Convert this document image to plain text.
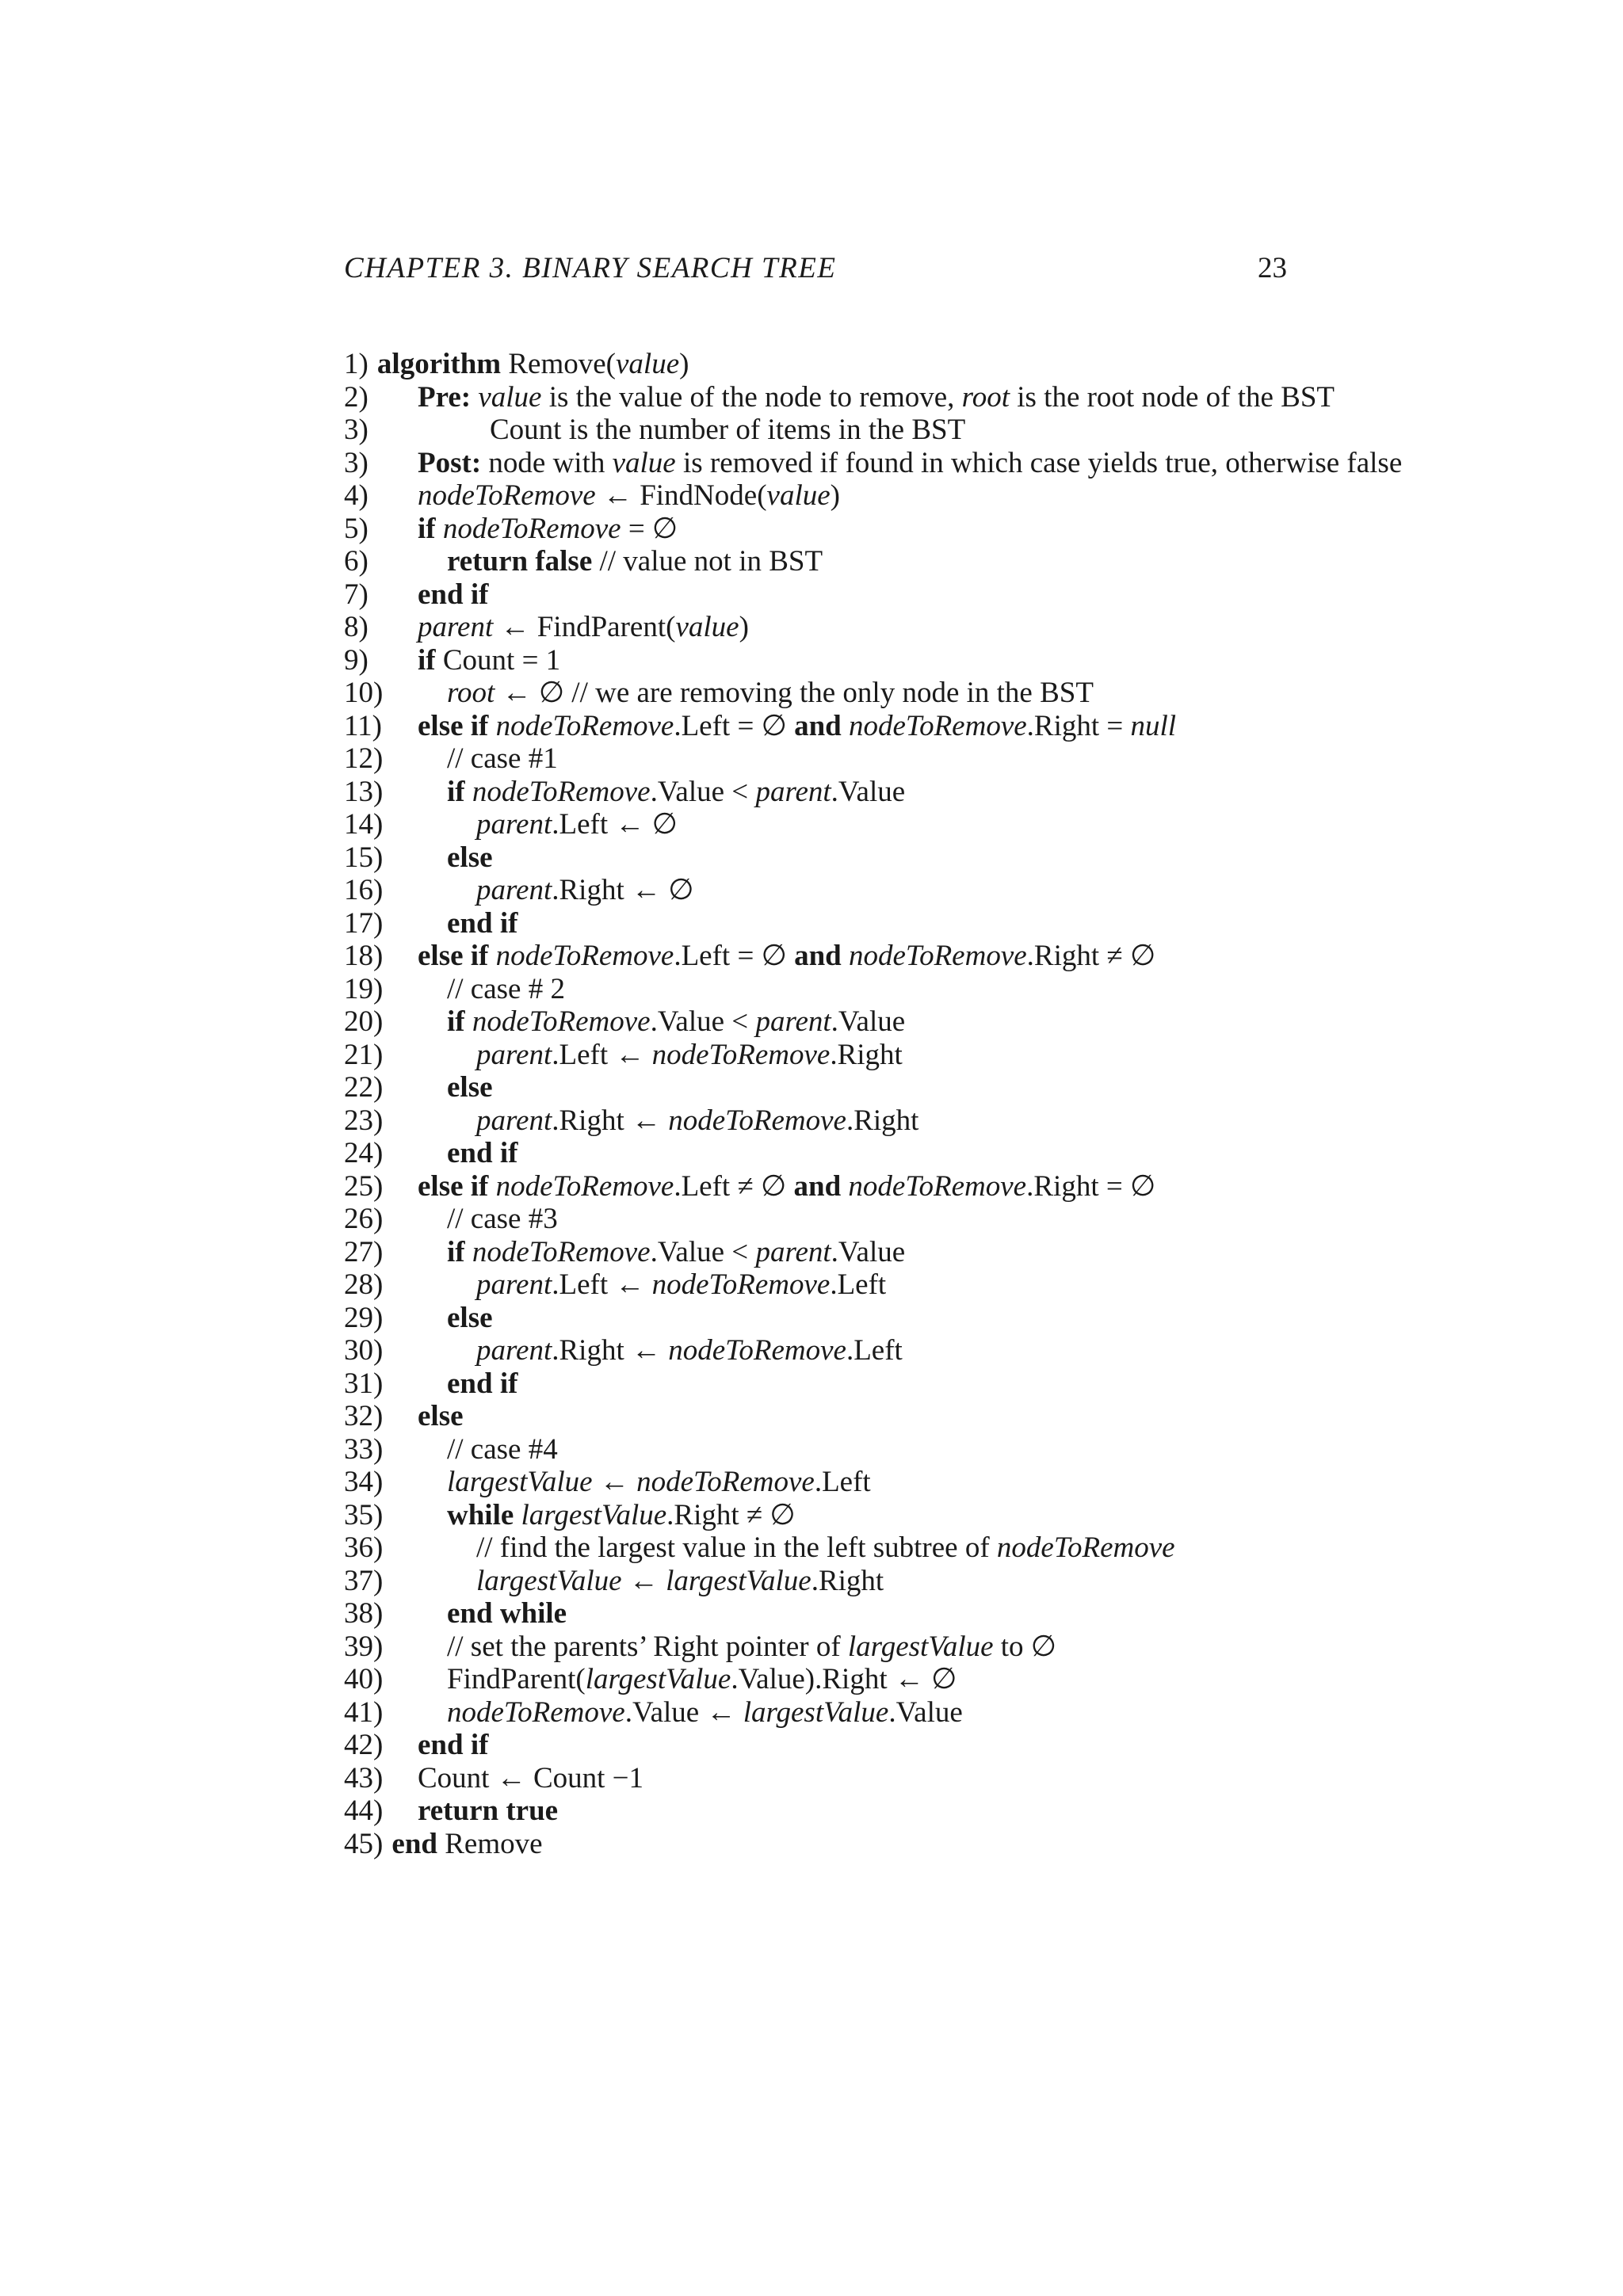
CHAPTER 3. BINARY SEARCH TREE	23
1) algorithm Remove(value)
2) Pre: value is the value of the node to remove, root is the root node of the BST
3)	Count is the number of items in the BST
3) Post: node with value is removed if found in which case yields true, otherwise false
4) nodeToRemove ← FindNode(value)
5) if nodeToRemove = ∅
6)	return false // value not in BST
7) end if
8) parent ← FindParent(value)
9) if Count = 1
10) root ← ∅ // we are removing the only node in the BST
11) else if nodeToRemove.Left = ∅ and nodeToRemove.Right = null
12) // case #1
13) if nodeToRemove.Value < parent.Value
14)	parent.Left ← ∅
15) else
16)	parent.Right ← ∅
17) end if
18) else if nodeToRemove.Left = ∅ and nodeToRemove.Right ≠ ∅
19) // case # 2
20) if nodeToRemove.Value < parent.Value
21)	parent.Left ← nodeToRemove.Right
22) else
23)	parent.Right ← nodeToRemove.Right
24) end if
25) else if nodeToRemove.Left ≠ ∅ and nodeToRemove.Right = ∅
26) // case #3
27) if nodeToRemove.Value < parent.Value
28)	parent.Left ← nodeToRemove.Left
29) else
30)	parent.Right ← nodeToRemove.Left
31) end if
32) else
33) // case #4
34) largestValue ← nodeToRemove.Left
35) while largestValue.Right ≠ ∅
36)	// find the largest value in the left subtree of nodeToRemove
37)	largestValue ← largestValue.Right
38) end while
39) // set the parents’ Right pointer of largestValue to ∅
40) FindParent(largestValue.Value).Right ← ∅
41) nodeToRemove.Value ← largestValue.Value
42) end if
43) Count ← Count −1
44) return true
45) end Remove
